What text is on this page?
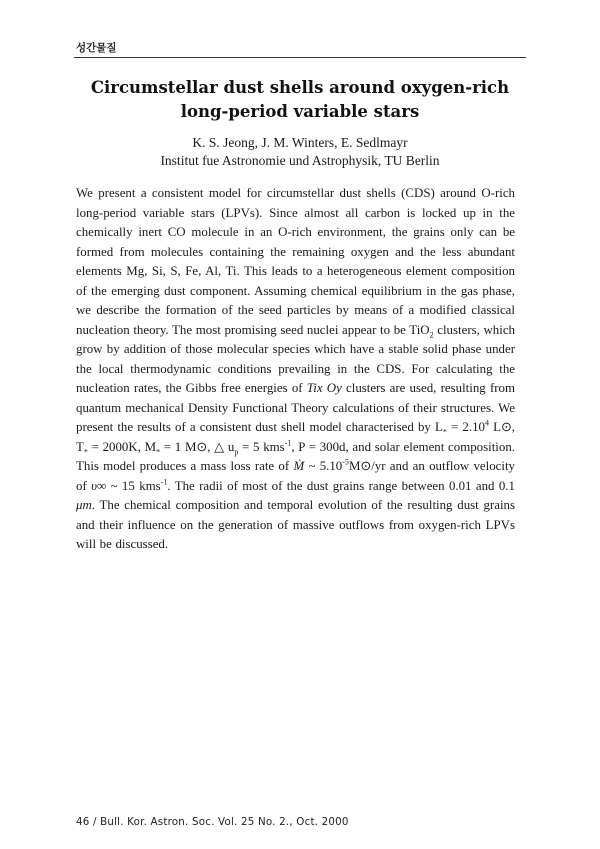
성간물질
Circumstellar dust shells around oxygen-rich
long-period variable stars
K. S. Jeong, J. M. Winters, E. Sedlmayr
Institut fue Astronomie und Astrophysik, TU Berlin

We present a consistent model for circumstellar dust shells (CDS) around O-rich long-period variable stars (LPVs). Since almost all carbon is locked up in the chemically inert CO molecule in an O-rich environment, the grains only can be formed from molecules containing the remaining oxygen and the less abundant elements Mg, Si, S, Fe, Al, Ti. This leads to a heterogeneous element composition of the emerging dust component. Assuming chemical equilibrium in the gas phase, we describe the formation of the seed particles by means of a modified classical nucleation theory. The most promising seed nuclei appear to be TiO$_2$ clusters, which grow by addition of those molecular species which have a stable solid phase under the local thermodynamic conditions prevailing in the CDS. For calculating the nucleation rates, the Gibbs free energies of Tix Oy clusters are used, resulting from quantum mechanical Density Functional Theory calculations of their structures. We present the results of a consistent dust shell model characterised by $L_* = 2.10^4$ L⊙, $T_* = 2000K$, $M_* = 1$ M⊙, △ $u_p = 5$ kms$^{-1}$, P = 300d, and solar element composition. This model produces a mass loss rate of Ṁ ~ $5.10^{-5}M⊙/yr$ and an outflow velocity of υ∞ ~ 15 kms$^{-1}$. The radii of most of the dust grains range between 0.01 and 0.1 μm. The chemical composition and temporal evolution of the resulting dust grains and their influence on the generation of massive outflows from oxygen-rich LPVs will be discussed.

46 / Bull. Kor. Astron. Soc. Vol. 25 No. 2., Oct. 2000
